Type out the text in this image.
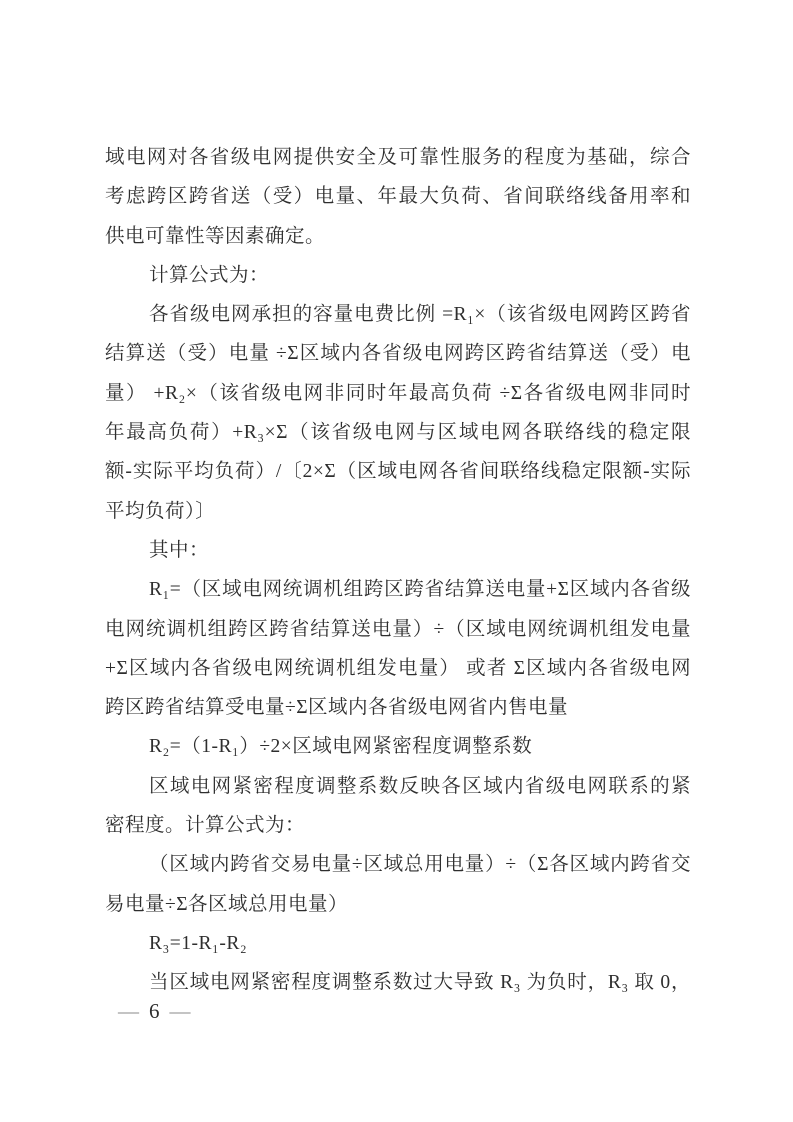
域电网对各省级电网提供安全及可靠性服务的程度为基础，综合
考虑跨区跨省送（受）电量、年最大负荷、省间联络线备用率和
供电可靠性等因素确定。
计算公式为：
各省级电网承担的容量电费比例 =R₁×（该省级电网跨区跨省
结算送（受）电量 ÷Σ区域内各省级电网跨区跨省结算送（受）电
量） +R₂×（该省级电网非同时年最高负荷 ÷Σ各省级电网非同时
年最高负荷）+R₃×Σ（该省级电网与区域电网各联络线的稳定限
额-实际平均负荷）/〔2×Σ（区域电网各省间联络线稳定限额-实际
平均负荷）〕
其中：
R₁=（区域电网统调机组跨区跨省结算送电量+Σ区域内各省级
电网统调机组跨区跨省结算送电量）÷（区域电网统调机组发电量
+Σ区域内各省级电网统调机组发电量） 或者 Σ区域内各省级电网
跨区跨省结算受电量÷Σ区域内各省级电网省内售电量
R₂=（1-R₁）÷2×区域电网紧密程度调整系数
区域电网紧密程度调整系数反映各区域内省级电网联系的紧
密程度。计算公式为：
（区域内跨省交易电量÷区域总用电量）÷（Σ各区域内跨省交
易电量÷Σ各区域总用电量）
R₃=1-R₁-R₂
当区域电网紧密程度调整系数过大导致 R₃ 为负时，R₃ 取 0，
— 6 —
